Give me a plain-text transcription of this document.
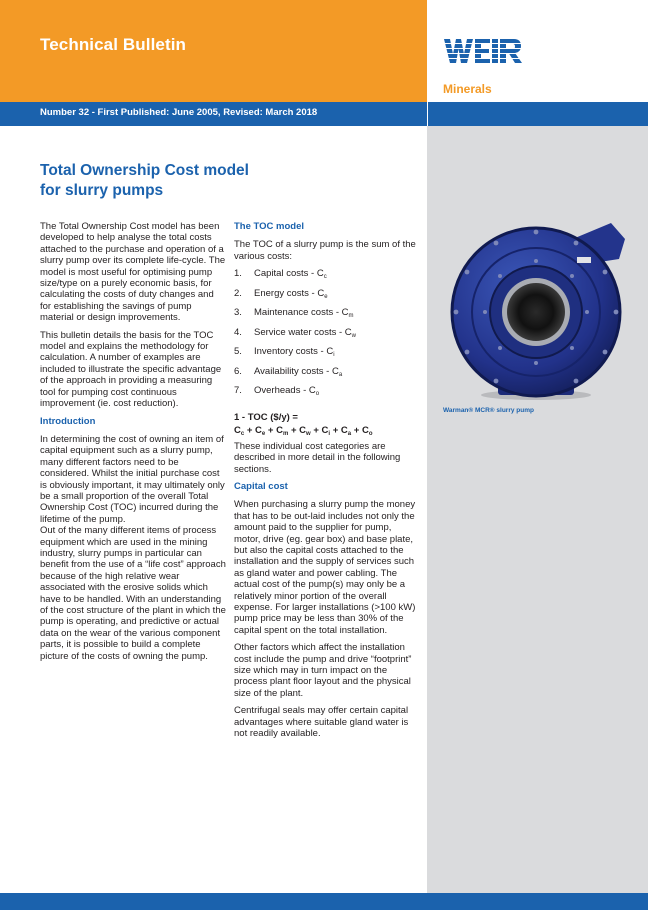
Technical Bulletin
Minerals
Number 32 - First Published: June 2005, Revised: March 2018
Total Ownership Cost model
for slurry pumps

The Total Ownership Cost model has been developed to help analyse the total costs attached to the purchase and operation of a slurry pump over its complete life-cycle. The model is most useful for optimising pump size/type on a purely economic basis, for calculating the costs of duty changes and for establishing the savings of pump material or design improvements.

This bulletin details the basis for the TOC model and explains the methodology for calculation. A number of examples are included to illustrate the specific advantage of the approach in providing a measuring tool for pumping cost continuous improvement (ie. cost reduction).

Introduction
In determining the cost of owning an item of capital equipment such as a slurry pump, many different factors need to be considered. Whilst the initial purchase cost is obviously important, it may ultimately only be a small proportion of the overall Total Ownership Cost (TOC) incurred during the lifetime of the pump.
Out of the many different items of process equipment which are used in the mining industry, slurry pumps in particular can benefit from the use of a “life cost” approach because of the high relative wear associated with the erosive solids which have to be handled. With an understanding of the cost structure of the plant in which the pump is operating, and predictive or actual data on the wear of the various component parts, it is possible to build a complete picture of the costs of owning the pump.
The TOC model

The TOC of a slurry pump is the sum of the various costs:

1.	Capital costs - $C_c$
2.	Energy costs - $C_e$
3.	Maintenance costs - $C_m$
4.	Service water costs - $C_w$
5.	Inventory costs - $C_i$
6.	Availability costs - $C_a$
7.	Overheads - $C_o$
1 - TOC ($/y) =
$C_c + C_e + C_m + C_w + C_i + C_a + C_o$

These individual cost categories are described in more detail in the following sections.

Capital cost

When purchasing a slurry pump the money that has to be out-laid includes not only the amount paid to the supplier for pump, motor, drive (eg. gear box) and base plate, but also the capital costs attached to the installation and the supply of services such as gland water and power cabling. The actual cost of the pump(s) may only be a relatively minor portion of the overall expense. For larger installations (>100 kW) pump price may be less than 30% of the capital spent on the total installation.

Other factors which affect the installation cost include the pump and drive “footprint” size which may in turn impact on the process plant floor layout and the physical size of the plant.

Centrifugal seals may offer certain capital advantages where suitable gland water is not readily available.

Warman® MCR® slurry pump
